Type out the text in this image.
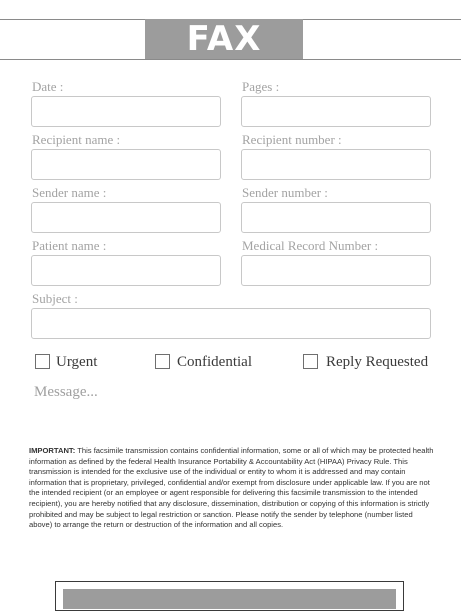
FAX
Date :	Pages :
Recipient name :	Recipient number :
Sender name :	Sender number :
Patient name :	Medical Record Number :
Subject :
Urgent	Confidential	Reply Requested
Message...
IMPORTANT: This facsimile transmission contains confidential information, some or all of which may be protected health information as defined by the federal Health Insurance Portability & Accountability Act (HIPAA) Privacy Rule. This transmission is intended for the exclusive use of the individual or entity to whom it is addressed and may contain information that is proprietary, privileged, confidential and/or exempt from disclosure under applicable law. If you are not the intended recipient (or an employee or agent responsible for delivering this facsimile transmission to the intended recipient), you are hereby notified that any disclosure, dissemination, distribution or copying of this information is strictly prohibited and may be subject to legal restriction or sanction. Please notify the sender by telephone (number listed above) to arrange the return or destruction of the information and all copies.
